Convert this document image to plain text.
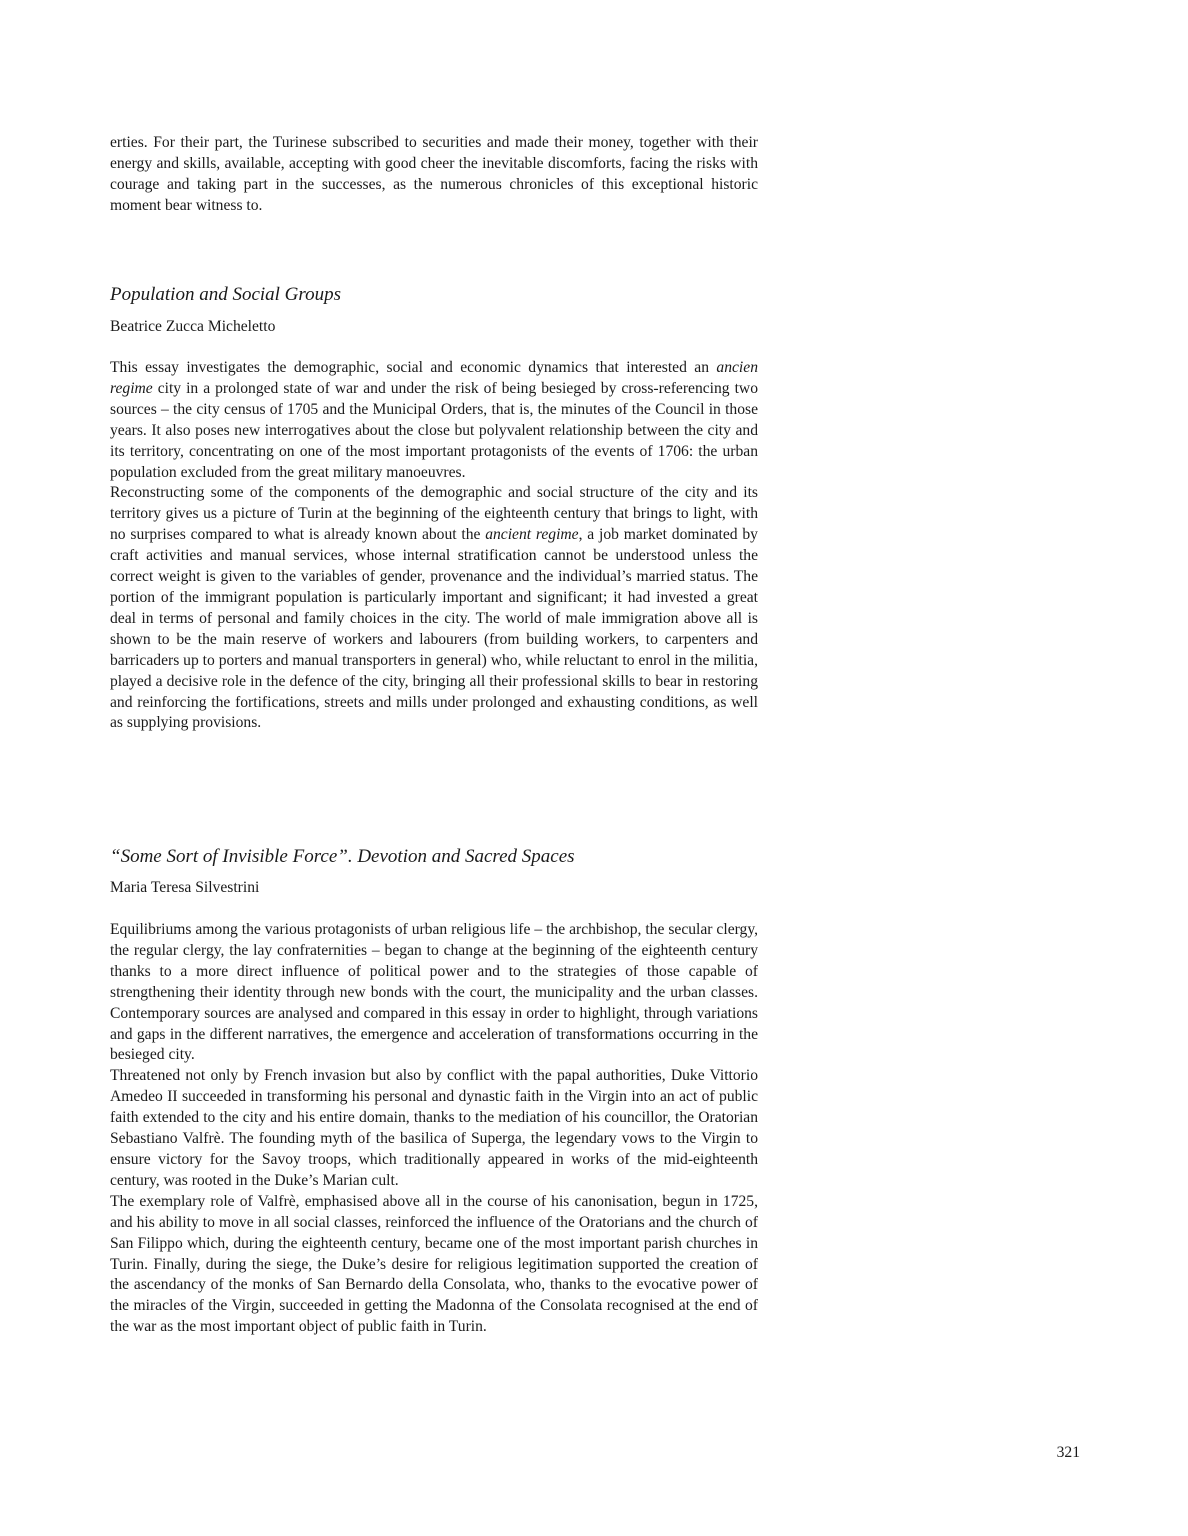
erties. For their part, the Turinese subscribed to securities and made their money, together with their energy and skills, available, accepting with good cheer the inevitable discomforts, facing the risks with courage and taking part in the successes, as the numerous chronicles of this exceptional historic moment bear witness to.

Population and Social Groups
Beatrice Zucca Micheletto

This essay investigates the demographic, social and economic dynamics that interested an ancien regime city in a prolonged state of war and under the risk of being besieged by cross-referencing two sources – the city census of 1705 and the Municipal Orders, that is, the minutes of the Council in those years. It also poses new interrogatives about the close but polyvalent relationship between the city and its territory, concentrating on one of the most important protagonists of the events of 1706: the urban population excluded from the great military manoeuvres.

Reconstructing some of the components of the demographic and social structure of the city and its territory gives us a picture of Turin at the beginning of the eighteenth century that brings to light, with no surprises compared to what is already known about the ancient regime, a job market dominated by craft activities and manual services, whose internal stratification cannot be understood unless the correct weight is given to the variables of gender, provenance and the individual’s married status. The portion of the immigrant population is particularly important and significant; it had invested a great deal in terms of personal and family choices in the city. The world of male immigration above all is shown to be the main reserve of workers and labourers (from building workers, to carpenters and barricaders up to porters and manual transporters in general) who, while reluctant to enrol in the militia, played a decisive role in the defence of the city, bringing all their professional skills to bear in restoring and reinforcing the fortifications, streets and mills under prolonged and exhausting conditions, as well as supplying provisions.

“Some Sort of Invisible Force”. Devotion and Sacred Spaces
Maria Teresa Silvestrini

Equilibriums among the various protagonists of urban religious life – the archbishop, the secular clergy, the regular clergy, the lay confraternities – began to change at the beginning of the eighteenth century thanks to a more direct influence of political power and to the strategies of those capable of strengthening their identity through new bonds with the court, the municipality and the urban classes. Contemporary sources are analysed and compared in this essay in order to highlight, through variations and gaps in the different narratives, the emergence and acceleration of transformations occurring in the besieged city.

Threatened not only by French invasion but also by conflict with the papal authorities, Duke Vittorio Amedeo II succeeded in transforming his personal and dynastic faith in the Virgin into an act of public faith extended to the city and his entire domain, thanks to the mediation of his councillor, the Oratorian Sebastiano Valfrè. The founding myth of the basilica of Superga, the legendary vows to the Virgin to ensure victory for the Savoy troops, which traditionally appeared in works of the mid-eighteenth century, was rooted in the Duke’s Marian cult.

The exemplary role of Valfrè, emphasised above all in the course of his canonisation, begun in 1725, and his ability to move in all social classes, reinforced the influence of the Oratorians and the church of San Filippo which, during the eighteenth century, became one of the most important parish churches in Turin. Finally, during the siege, the Duke’s desire for religious legitimation supported the creation of the ascendancy of the monks of San Bernardo della Consolata, who, thanks to the evocative power of the miracles of the Virgin, succeeded in getting the Madonna of the Consolata recognised at the end of the war as the most important object of public faith in Turin.

321
